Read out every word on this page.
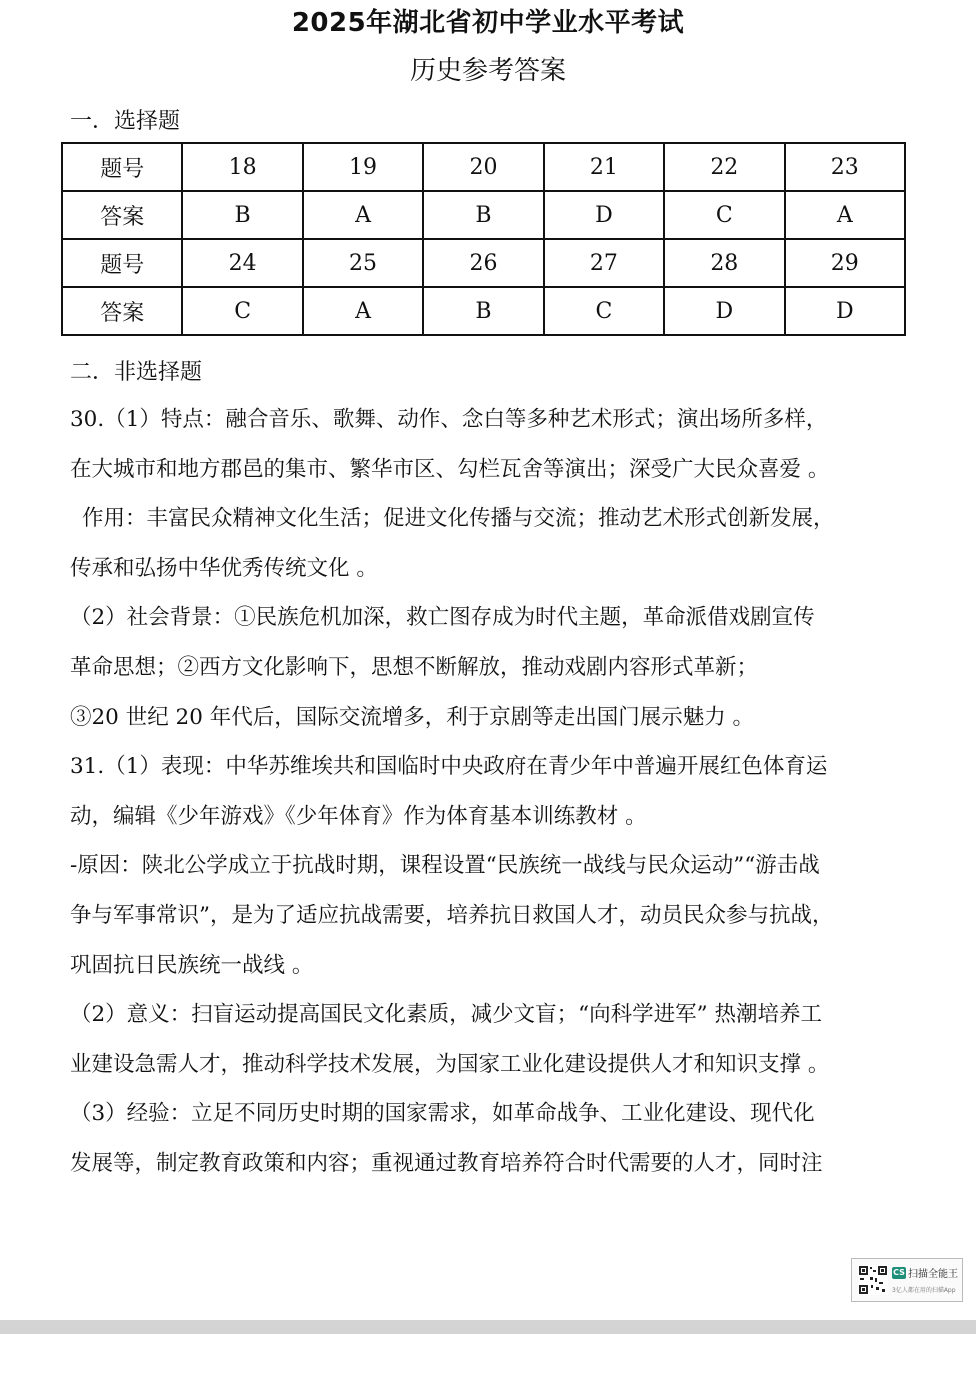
2025年湖北省初中学业水平考试
历史参考答案
一．选择题
题号	18	19	20	21	22	23
答案	B	A	B	D	C	A
题号	24	25	26	27	28	29
答案	C	A	B	C	D	D
二．非选择题

30.（1）特点：融合音乐、歌舞、动作、念白等多种艺术形式；演出场所多样，

在大城市和地方郡邑的集市、繁华市区、勾栏瓦舍等演出；深受广大民众喜爱 。

作用：丰富民众精神文化生活；促进文化传播与交流；推动艺术形式创新发展，

传承和弘扬中华优秀传统文化 。

（2）社会背景：①民族危机加深，救亡图存成为时代主题，革命派借戏剧宣传

革命思想；②西方文化影响下，思想不断解放，推动戏剧内容形式革新；

③20 世纪 20 年代后，国际交流增多，利于京剧等走出国门展示魅力 。

31.（1）表现：中华苏维埃共和国临时中央政府在青少年中普遍开展红色体育运

动，编辑《少年游戏》《少年体育》作为体育基本训练教材 。

-原因：陕北公学成立于抗战时期，课程设置“民族统一战线与民众运动”“游击战

争与军事常识”，是为了适应抗战需要，培养抗日救国人才，动员民众参与抗战，

巩固抗日民族统一战线 。

（2）意义：扫盲运动提高国民文化素质，减少文盲；“向科学进军” 热潮培养工

业建设急需人才，推动科学技术发展，为国家工业化建设提供人才和知识支撑 。

（3）经验：立足不同历史时期的国家需求，如革命战争、工业化建设、现代化

发展等，制定教育政策和内容；重视通过教育培养符合时代需要的人才，同时注

CS 扫描全能王
3亿人都在用的扫描App
